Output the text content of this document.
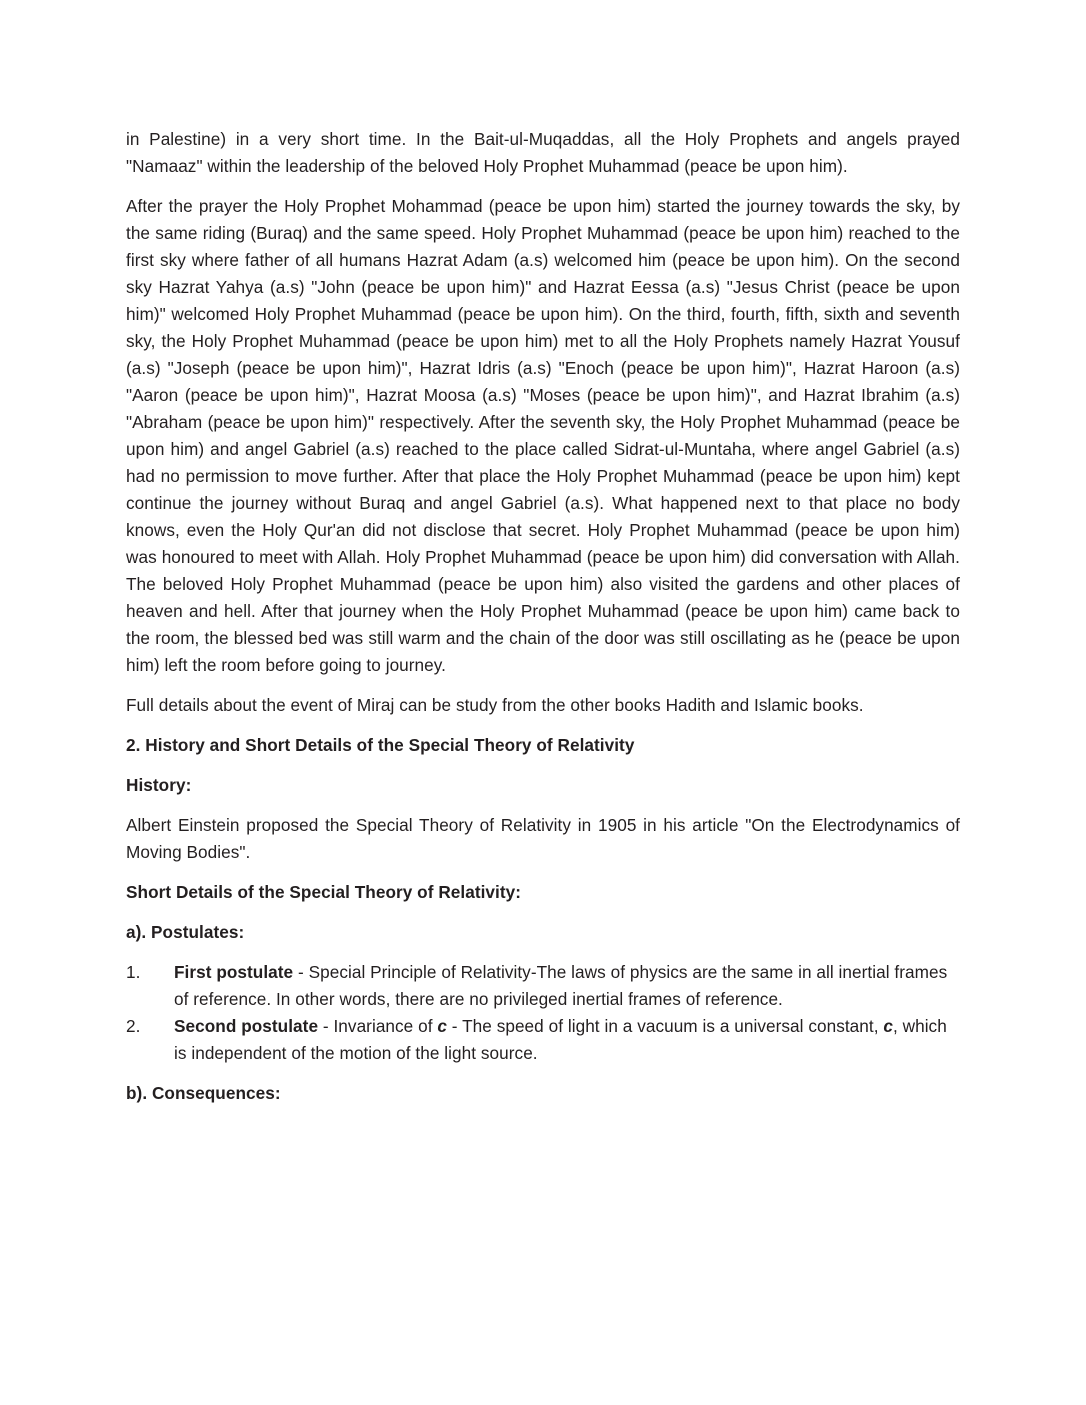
in Palestine) in a very short time. In the Bait-ul-Muqaddas, all the Holy Prophets and angels prayed "Namaaz" within the leadership of the beloved Holy Prophet Muhammad (peace be upon him).

After the prayer the Holy Prophet Mohammad (peace be upon him) started the journey towards the sky, by the same riding (Buraq) and the same speed. Holy Prophet Muhammad (peace be upon him) reached to the first sky where father of all humans Hazrat Adam (a.s) welcomed him (peace be upon him). On the second sky Hazrat Yahya (a.s) "John (peace be upon him)" and Hazrat Eessa (a.s) "Jesus Christ (peace be upon him)" welcomed Holy Prophet Muhammad (peace be upon him). On the third, fourth, fifth, sixth and seventh sky, the Holy Prophet Muhammad (peace be upon him) met to all the Holy Prophets namely Hazrat Yousuf (a.s) "Joseph (peace be upon him)", Hazrat Idris (a.s) "Enoch (peace be upon him)", Hazrat Haroon (a.s) "Aaron (peace be upon him)", Hazrat Moosa (a.s) "Moses (peace be upon him)", and Hazrat Ibrahim (a.s) "Abraham (peace be upon him)" respectively. After the seventh sky, the Holy Prophet Muhammad (peace be upon him) and angel Gabriel (a.s) reached to the place called Sidrat-ul-Muntaha, where angel Gabriel (a.s) had no permission to move further. After that place the Holy Prophet Muhammad (peace be upon him) kept continue the journey without Buraq and angel Gabriel (a.s). What happened next to that place no body knows, even the Holy Qur'an did not disclose that secret. Holy Prophet Muhammad (peace be upon him) was honoured to meet with Allah. Holy Prophet Muhammad (peace be upon him) did conversation with Allah. The beloved Holy Prophet Muhammad (peace be upon him) also visited the gardens and other places of heaven and hell. After that journey when the Holy Prophet Muhammad (peace be upon him) came back to the room, the blessed bed was still warm and the chain of the door was still oscillating as he (peace be upon him) left the room before going to journey.

Full details about the event of Miraj can be study from the other books Hadith and Islamic books.

2. History and Short Details of the Special Theory of Relativity

History:

Albert Einstein proposed the Special Theory of Relativity in 1905 in his article "On the Electrodynamics of Moving Bodies".

Short Details of the Special Theory of Relativity:

a). Postulates:

First postulate - Special Principle of Relativity-The laws of physics are the same in all inertial frames of reference. In other words, there are no privileged inertial frames of reference.
Second postulate - Invariance of c - The speed of light in a vacuum is a universal constant, c, which is independent of the motion of the light source.

b). Consequences:
